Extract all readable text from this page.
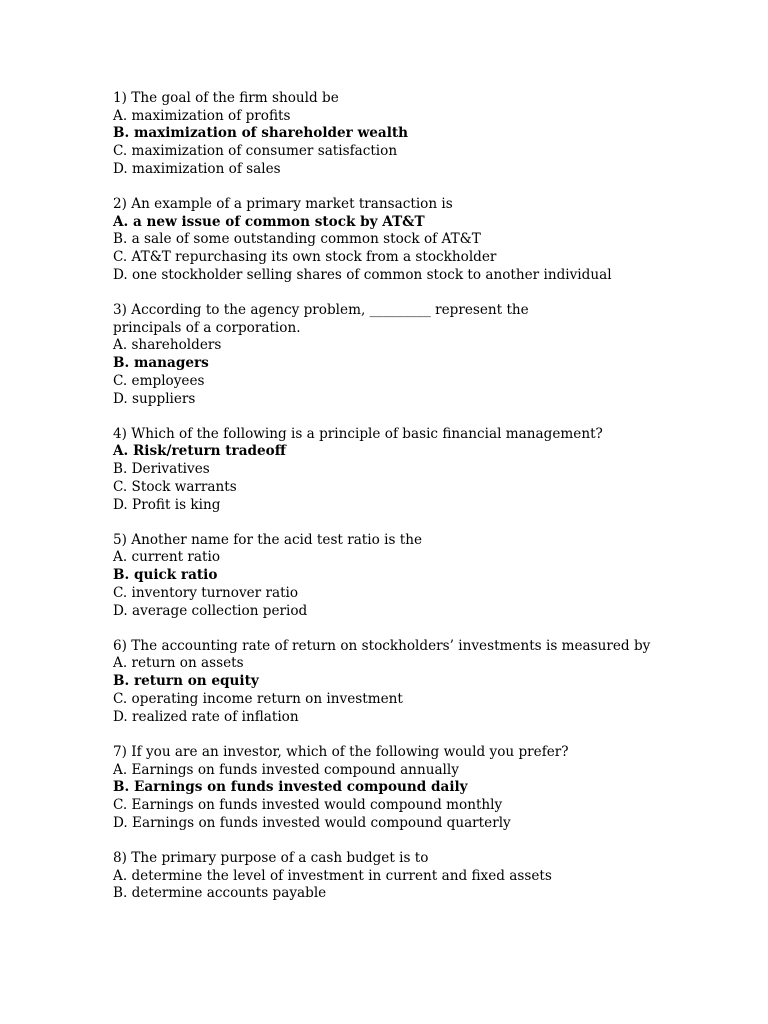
1) The goal of the firm should be
A. maximization of profits
B. maximization of shareholder wealth
C. maximization of consumer satisfaction
D. maximization of sales
2) An example of a primary market transaction is
A. a new issue of common stock by AT&T
B. a sale of some outstanding common stock of AT&T
C. AT&T repurchasing its own stock from a stockholder
D. one stockholder selling shares of common stock to another individual
3) According to the agency problem, _________ represent the principals of a corporation.
A. shareholders
B. managers
C. employees
D. suppliers
4) Which of the following is a principle of basic financial management?
A. Risk/return tradeoff
B. Derivatives
C. Stock warrants
D. Profit is king
5) Another name for the acid test ratio is the
A. current ratio
B. quick ratio
C. inventory turnover ratio
D. average collection period
6) The accounting rate of return on stockholders’ investments is measured by
A. return on assets
B. return on equity
C. operating income return on investment
D. realized rate of inflation
7) If you are an investor, which of the following would you prefer?
A. Earnings on funds invested compound annually
B. Earnings on funds invested compound daily
C. Earnings on funds invested would compound monthly
D. Earnings on funds invested would compound quarterly
8) The primary purpose of a cash budget is to
A. determine the level of investment in current and fixed assets
B. determine accounts payable
